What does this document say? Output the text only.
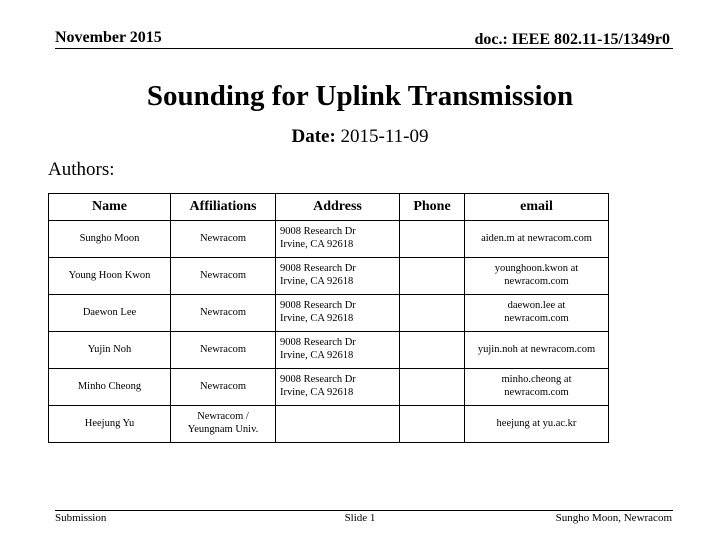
November 2015	doc.: IEEE 802.11-15/1349r0
Sounding for Uplink Transmission
Date: 2015-11-09
Authors:
Name	Affiliations	Address	Phone	email
Sungho Moon	Newracom	9008 Research Dr
Irvine, CA 92618		aiden.m at newracom.com

Young Hoon Kwon	Newracom	9008 Research Dr
Irvine, CA 92618		younghoon.kwon at
newracom.com

Daewon Lee	Newracom	9008 Research Dr
Irvine, CA 92618		daewon.lee at
newracom.com

Yujin Noh	Newracom	9008 Research Dr
Irvine, CA 92618		yujin.noh at newracom.com

Minho Cheong	Newracom	9008 Research Dr
Irvine, CA 92618		minho.cheong at
newracom.com

Heejung Yu	Newracom /
Yeungnam Univ.			heejung at yu.ac.kr
Submission	Slide 1	Sungho Moon, Newracom
